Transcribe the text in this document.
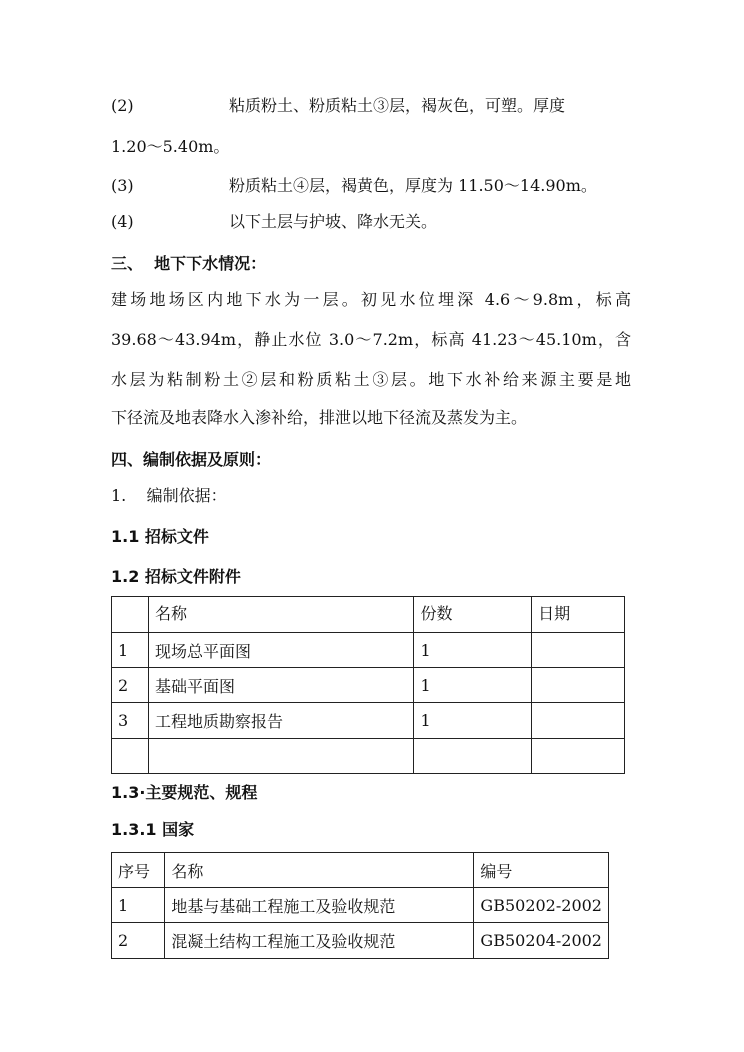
(2)	粘质粉土、粉质粘土③层，褐灰色，可塑。厚度
1.20～5.40m。
(3)	粉质粘土④层，褐黄色，厚度为 11.50～14.90m。
(4)	以下土层与护坡、降水无关。
三、  地下下水情况：
建场地场区内地下水为一层。初见水位埋深 4.6～9.8m，标高
39.68～43.94m，静止水位 3.0～7.2m，标高 41.23～45.10m，含
水层为粘制粉土②层和粉质粘土③层。地下水补给来源主要是地
下径流及地表降水入渗补给，排泄以地下径流及蒸发为主。
四、编制依据及原则：
1.    编制依据：
1.1 招标文件
1.2 招标文件附件
	名称	份数	日期
1	现场总平面图	1	
2	基础平面图	1	
3	工程地质勘察报告	1	

1.3·主要规范、规程
1.3.1 国家
序号	名称	编号
1	地基与基础工程施工及验收规范	GB50202-2002
2	混凝土结构工程施工及验收规范	GB50204-2002
